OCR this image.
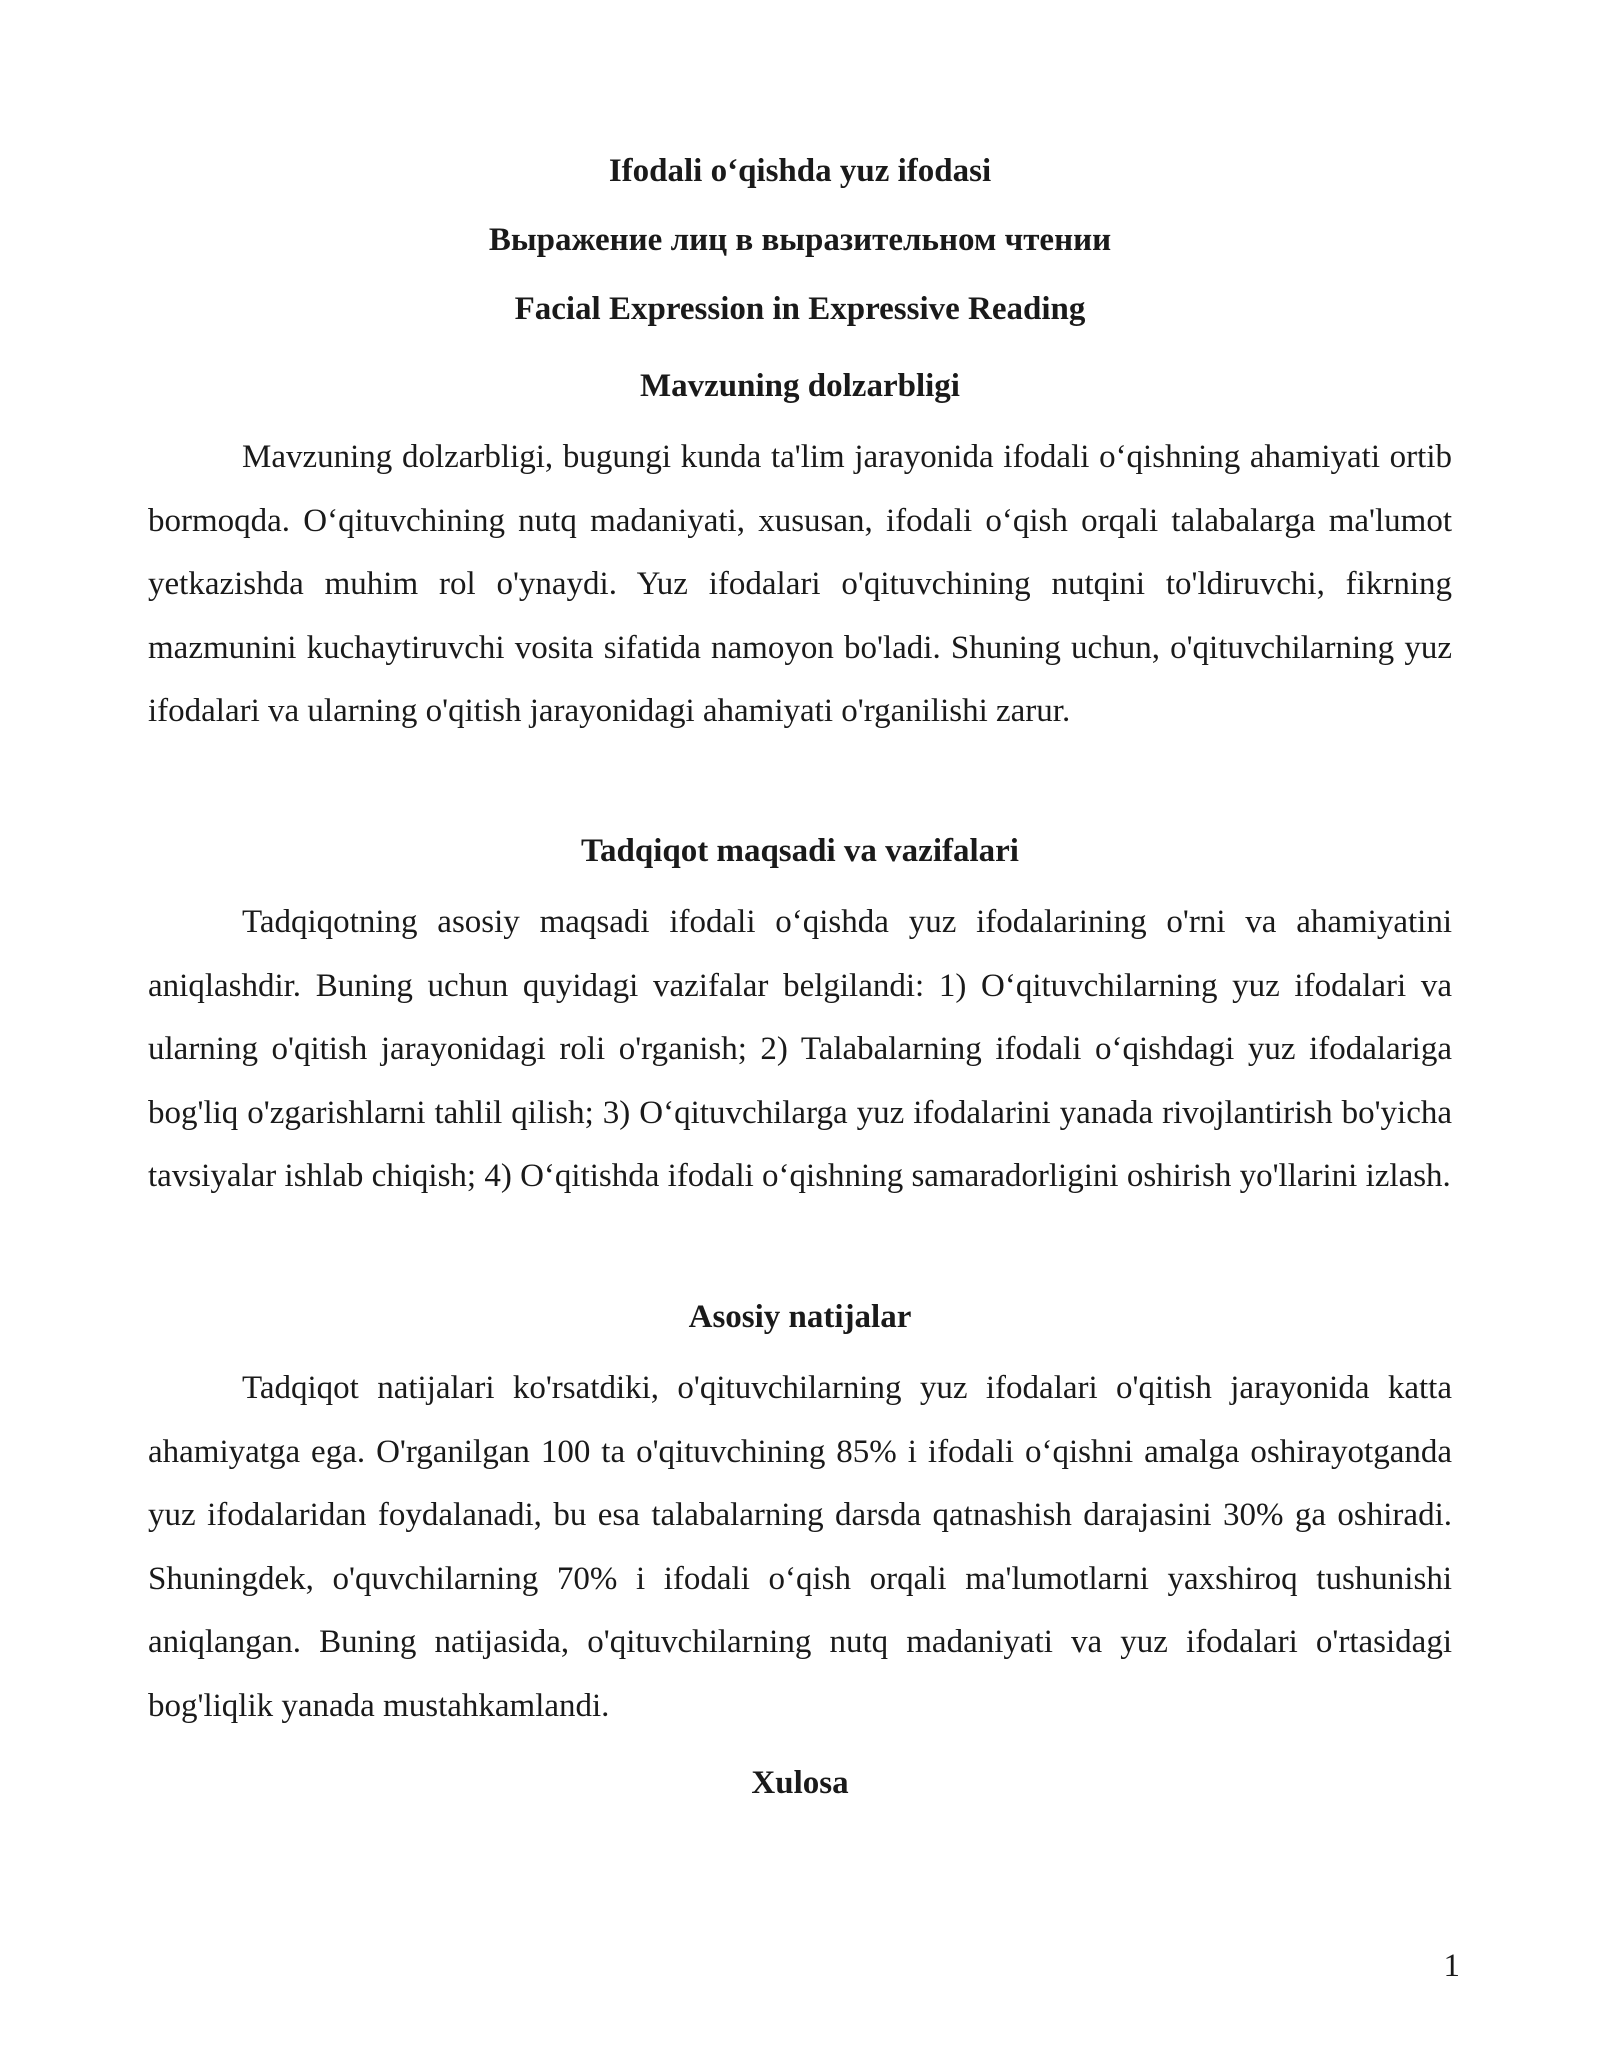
Ifodali o‘qishda yuz ifodasi
Выражение лиц в выразительном чтении
Facial Expression in Expressive Reading
Mavzuning dolzarbligi

Mavzuning dolzarbligi, bugungi kunda ta'lim jarayonida ifodali o‘qishning ahamiyati ortib bormoqda. O‘qituvchining nutq madaniyati, xususan, ifodali o‘qish orqali talabalarga ma'lumot yetkazishda muhim rol o'ynaydi. Yuz ifodalari o'qituvchining nutqini to'ldiruvchi, fikrning mazmunini kuchaytiruvchi vosita sifatida namoyon bo'ladi. Shuning uchun, o'qituvchilarning yuz ifodalari va ularning o'qitish jarayonidagi ahamiyati o'rganilishi zarur.

Tadqiqot maqsadi va vazifalari

Tadqiqotning asosiy maqsadi ifodali o‘qishda yuz ifodalarining o'rni va ahamiyatini aniqlashdir. Buning uchun quyidagi vazifalar belgilandi: 1) O‘qituvchilarning yuz ifodalari va ularning o'qitish jarayonidagi roli o'rganish; 2) Talabalarning ifodali o‘qishdagi yuz ifodalariga bog'liq o'zgarishlarni tahlil qilish; 3) O‘qituvchilarga yuz ifodalarini yanada rivojlantirish bo'yicha tavsiyalar ishlab chiqish; 4) O‘qitishda ifodali o‘qishning samaradorligini oshirish yo'llarini izlash.

Asosiy natijalar

Tadqiqot natijalari ko'rsatdiki, o'qituvchilarning yuz ifodalari o'qitish jarayonida katta ahamiyatga ega. O'rganilgan 100 ta o'qituvchining 85% i ifodali o‘qishni amalga oshirayotganda yuz ifodalaridan foydalanadi, bu esa talabalarning darsda qatnashish darajasini 30% ga oshiradi. Shuningdek, o'quvchilarning 70% i ifodali o‘qish orqali ma'lumotlarni yaxshiroq tushunishi aniqlangan. Buning natijasida, o'qituvchilarning nutq madaniyati va yuz ifodalari o'rtasidagi bog'liqlik yanada mustahkamlandi.

Xulosa
1
